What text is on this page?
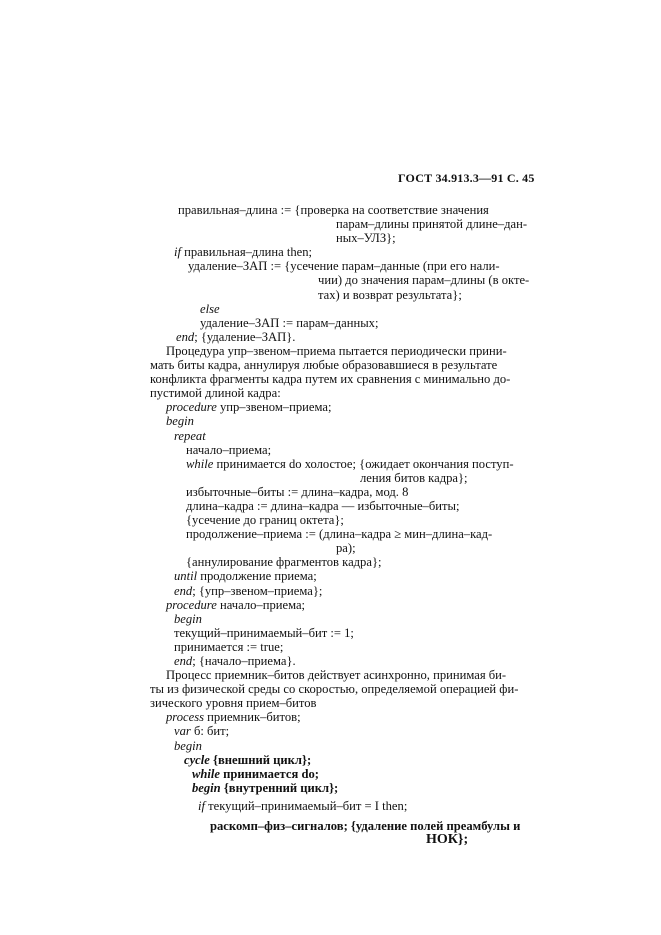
ГОСТ 34.913.3—91 С. 45
правильная–длина := {проверка на соответствие значения
парам–длины принятой длине–дан-
ных–УЛЗ};
if правильная–длина then;
удаление–ЗАП := {усечение парам–данные (при его нали-
чии) до значения парам–длины (в окте-
тах) и возврат результата};
else
удаление–ЗАП := парам–данных;
end; {удаление–ЗАП}.
Процедура упр–звеном–приема пытается периодически прини-
мать биты кадра, аннулируя любые образовавшиеся в результате
конфликта фрагменты кадра путем их сравнения с минимально до-
пустимой длиной кадра:
procedure упр–звеном–приема;
begin
repeat
начало–приема;
while принимается do холостое; {ожидает окончания поступ-
ления битов кадра};
избыточные–биты := длина–кадра, мод. 8
длина–кадра := длина–кадра — избыточные–биты;
{усечение до границ октета};
продолжение–приема := (длина–кадра ≥ мин–длина–кад-
ра);
{аннулирование фрагментов кадра};
until продолжение приема;
end; {упр–звеном–приема};
procedure начало–приема;
begin
текущий–принимаемый–бит := 1;
принимается := true;
end; {начало–приема}.
Процесс приемник–битов действует асинхронно, принимая би-
ты из физической среды со скоростью, определяемой операцией фи-
зического уровня прием–битов
process приемник–битов;
var б: бит;
begin
cycle {внешний цикл};
while принимается do;
begin {внутренний цикл};
if текущий–принимаемый–бит = I then;
раскомп–физ–сигналов; {удаление полей преамбулы и
НОК};
